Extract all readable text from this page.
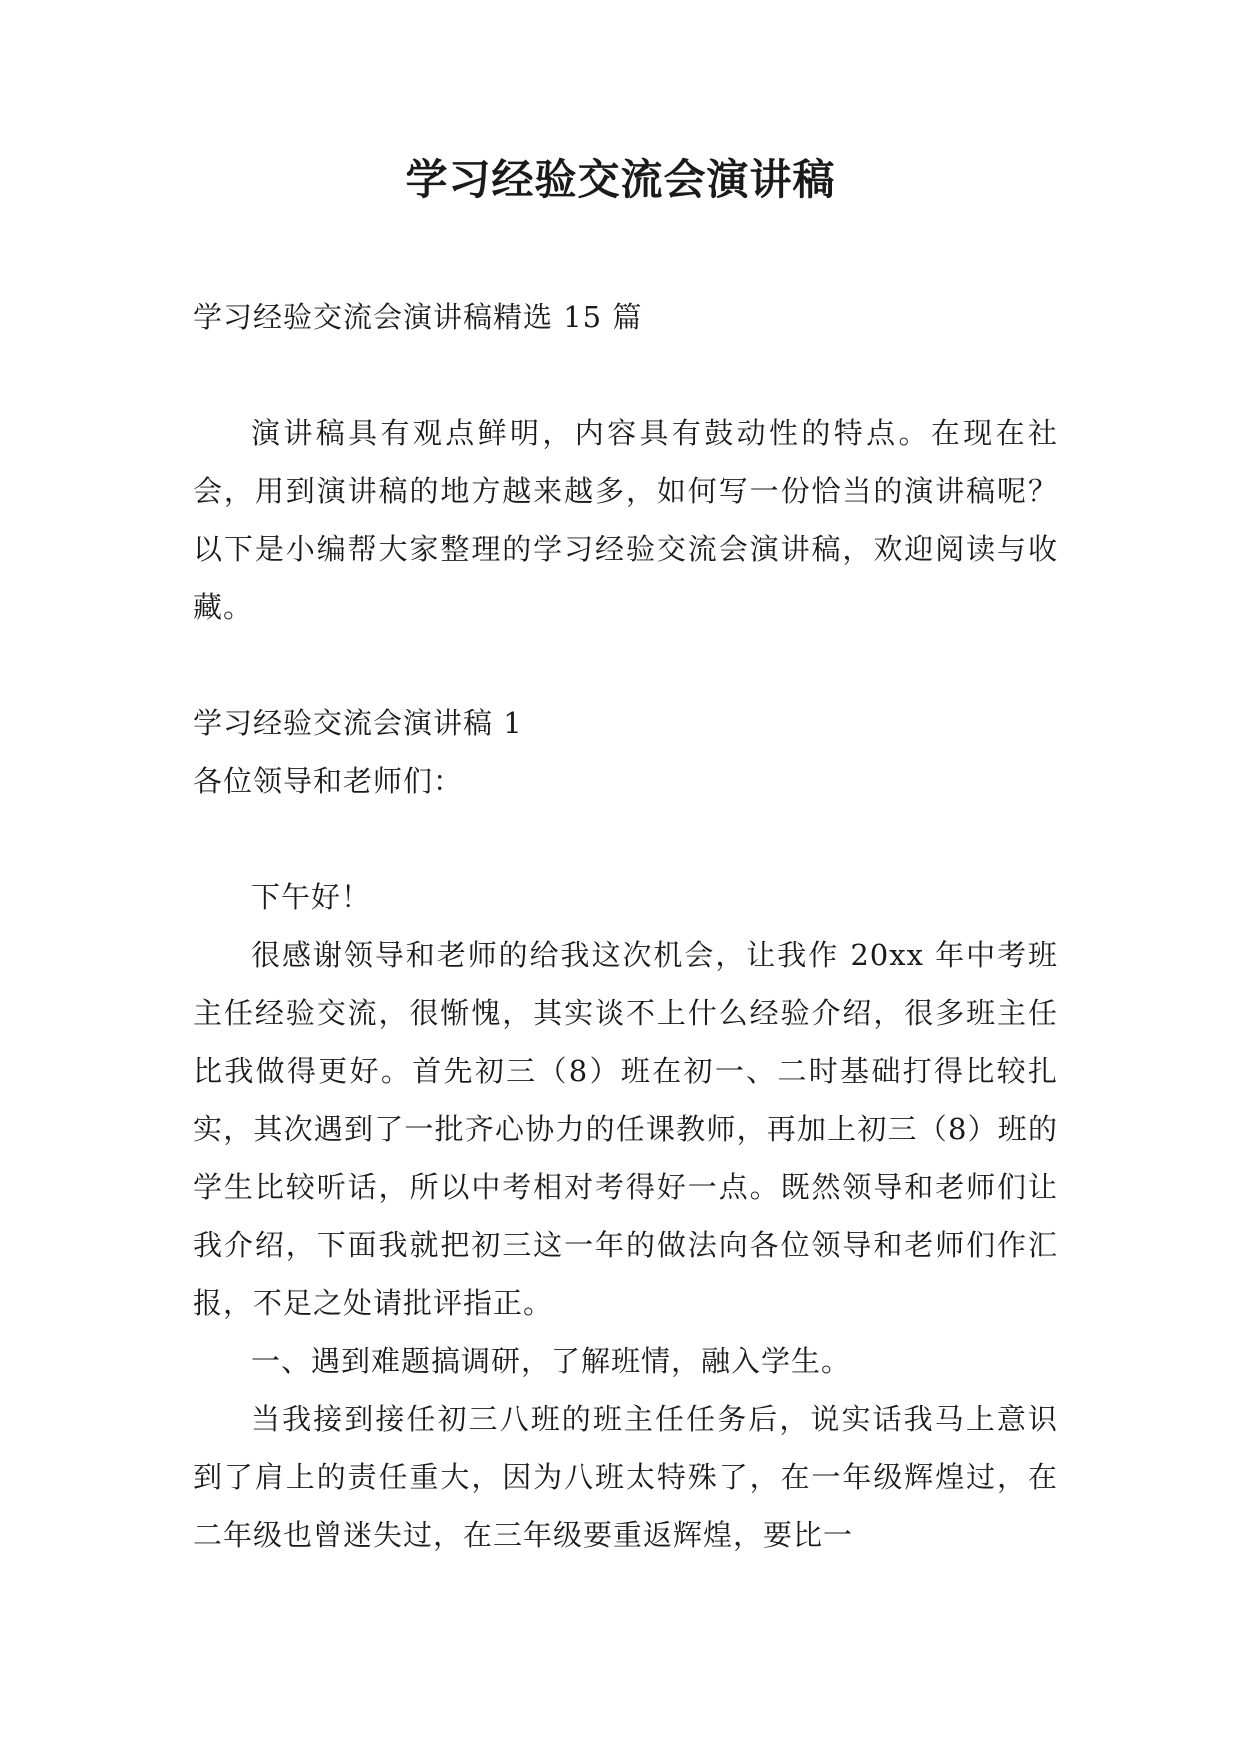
学习经验交流会演讲稿

学习经验交流会演讲稿精选 15 篇

演讲稿具有观点鲜明，内容具有鼓动性的特点。在现在社会，用到演讲稿的地方越来越多，如何写一份恰当的演讲稿呢？以下是小编帮大家整理的学习经验交流会演讲稿，欢迎阅读与收藏。

学习经验交流会演讲稿 1

各位领导和老师们：

下午好！

很感谢领导和老师的给我这次机会，让我作 20xx 年中考班主任经验交流，很惭愧，其实谈不上什么经验介绍，很多班主任比我做得更好。首先初三（8）班在初一、二时基础打得比较扎实，其次遇到了一批齐心协力的任课教师，再加上初三（8）班的学生比较听话，所以中考相对考得好一点。既然领导和老师们让我介绍，下面我就把初三这一年的做法向各位领导和老师们作汇报，不足之处请批评指正。

一、遇到难题搞调研，了解班情，融入学生。

当我接到接任初三八班的班主任任务后，说实话我马上意识到了肩上的责任重大，因为八班太特殊了，在一年级辉煌过，在二年级也曾迷失过，在三年级要重返辉煌，要比一
